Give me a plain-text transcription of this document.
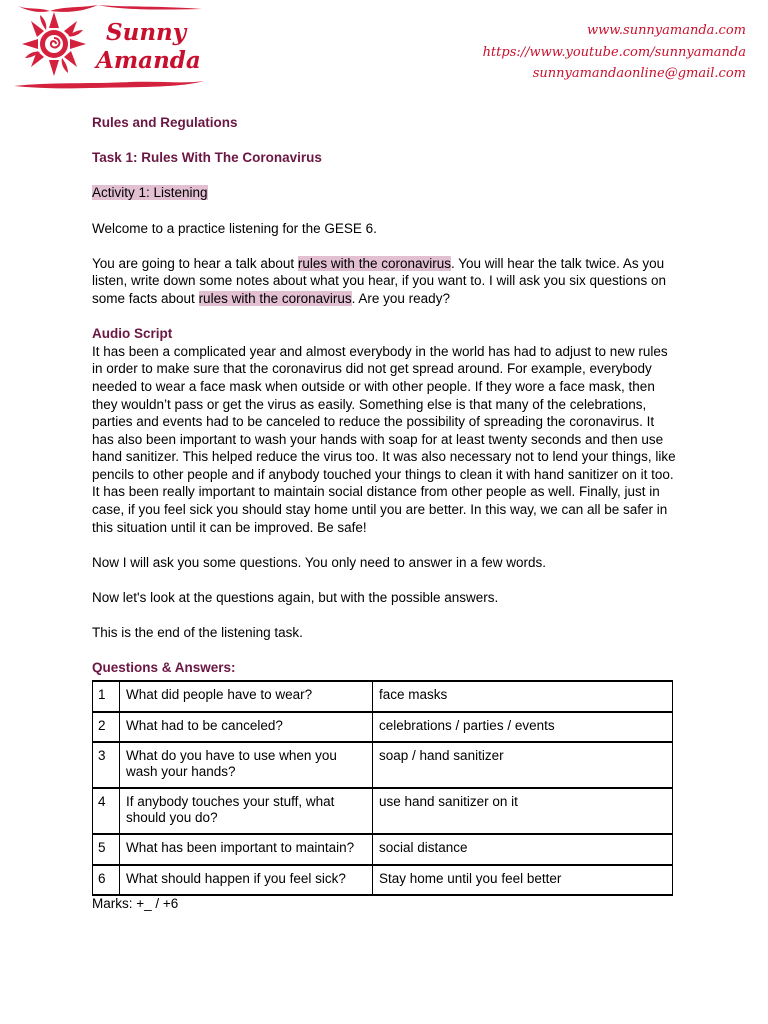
Sunny
Amanda
www.sunnyamanda.com
https://www.youtube.com/sunnyamanda
sunnyamandaonline@gmail.com

Rules and Regulations

Task 1: Rules With The Coronavirus

Activity 1: Listening

Welcome to a practice listening for the GESE 6.

You are going to hear a talk about rules with the coronavirus. You will hear the talk twice. As you listen, write down some notes about what you hear, if you want to. I will ask you six questions on some facts about rules with the coronavirus. Are you ready?

Audio Script

It has been a complicated year and almost everybody in the world has had to adjust to new rules in order to make sure that the coronavirus did not get spread around. For example, everybody needed to wear a face mask when outside or with other people. If they wore a face mask, then they wouldn’t pass or get the virus as easily. Something else is that many of the celebrations, parties and events had to be canceled to reduce the possibility of spreading the coronavirus. It has also been important to wash your hands with soap for at least twenty seconds and then use hand sanitizer. This helped reduce the virus too. It was also necessary not to lend your things, like pencils to other people and if anybody touched your things to clean it with hand sanitizer on it too. It has been really important to maintain social distance from other people as well. Finally, just in case, if you feel sick you should stay home until you are better. In this way, we can all be safer in this situation until it can be improved. Be safe!

Now I will ask you some questions. You only need to answer in a few words.

Now let's look at the questions again, but with the possible answers.

This is the end of the listening task.

Questions & Answers:

1	What did people have to wear?	face masks
2	What had to be canceled?	celebrations / parties / events
3	What do you have to use when you wash your hands?	soap / hand sanitizer
4	If anybody touches your stuff, what should you do?	use hand sanitizer on it
5	What has been important to maintain?	social distance
6	What should happen if you feel sick?	Stay home until you feel better

Marks: +_ / +6
